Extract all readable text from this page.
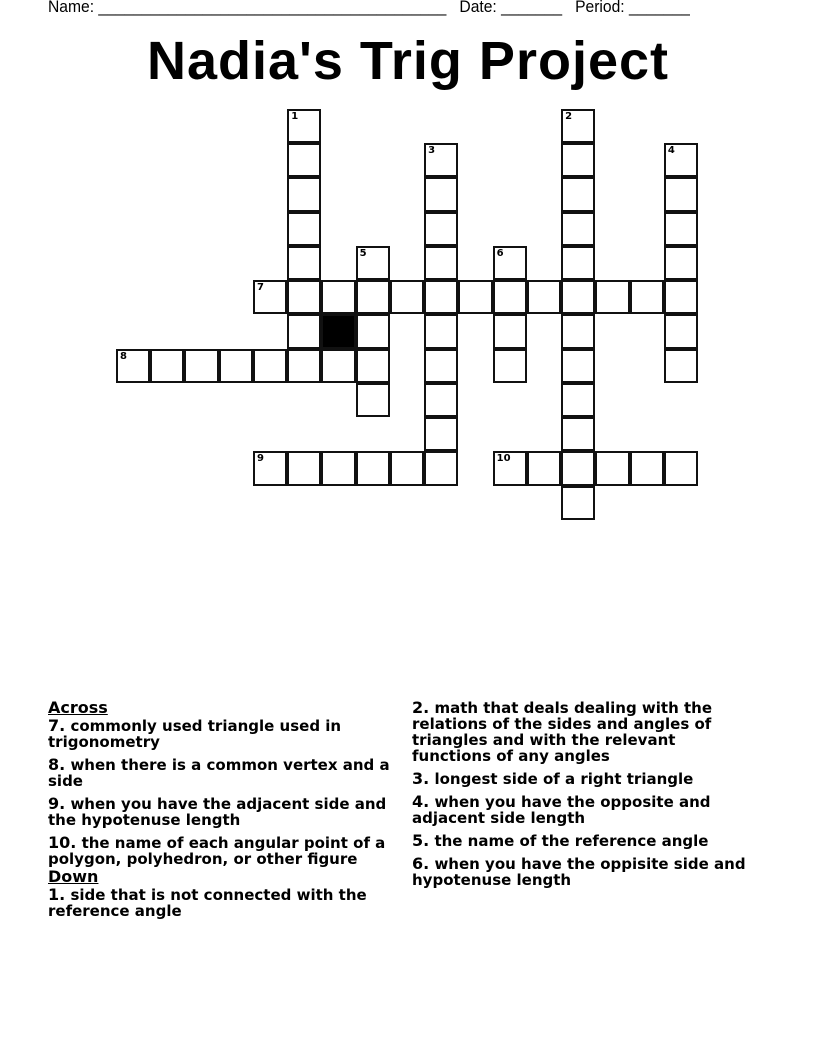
Name: ________________________________________ Date: _______ Period: _______
Nadia's Trig Project
1	2
3	4
5	6
7
8
9	10
Across
7. commonly used triangle used in trigonometry
8. when there is a common vertex and a side
9. when you have the adjacent side and the hypotenuse length
10. the name of each angular point of a polygon, polyhedron, or other figure
Down
1. side that is not connected with the reference angle
2. math that deals dealing with the relations of the sides and angles of triangles and with the relevant functions of any angles
3. longest side of a right triangle
4. when you have the opposite and adjacent side length
5. the name of the reference angle
6. when you have the oppisite side and hypotenuse length
